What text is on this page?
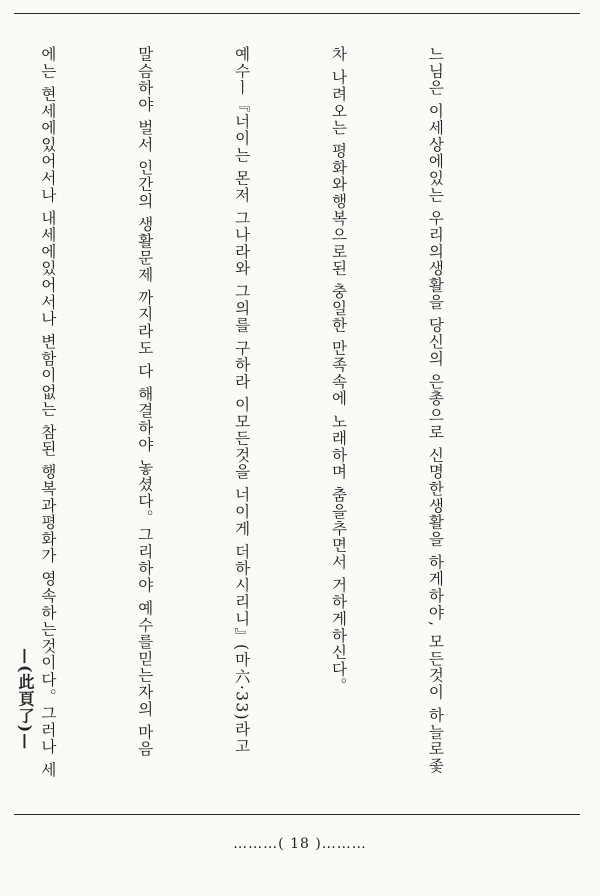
느님은 이세상에있는 우리의생활을 당신의 은총으로 신명한생활을 하게하야, 모든것이 하늘로좇

차 나려오는 평화와행복으로된 충일한 만족속에 노래하며 춤을추면서 거하게하신다。

예수ㅣ『너이는 몬저 그나라와 그의를 구하라 이모든것을 너이게 더하시리니』(마六·33)라고

말슴하야 벌서 인간의 생활문제 까지라도 다 해결하야 놓셨다。그리하야 예수를믿는자의 마음

에는 현세에있어서나 내세에있어서나 변함이없는 참된 행복과평화가 영속하는것이다。그러나 세

—(此頁了)—
………( 18 )………
